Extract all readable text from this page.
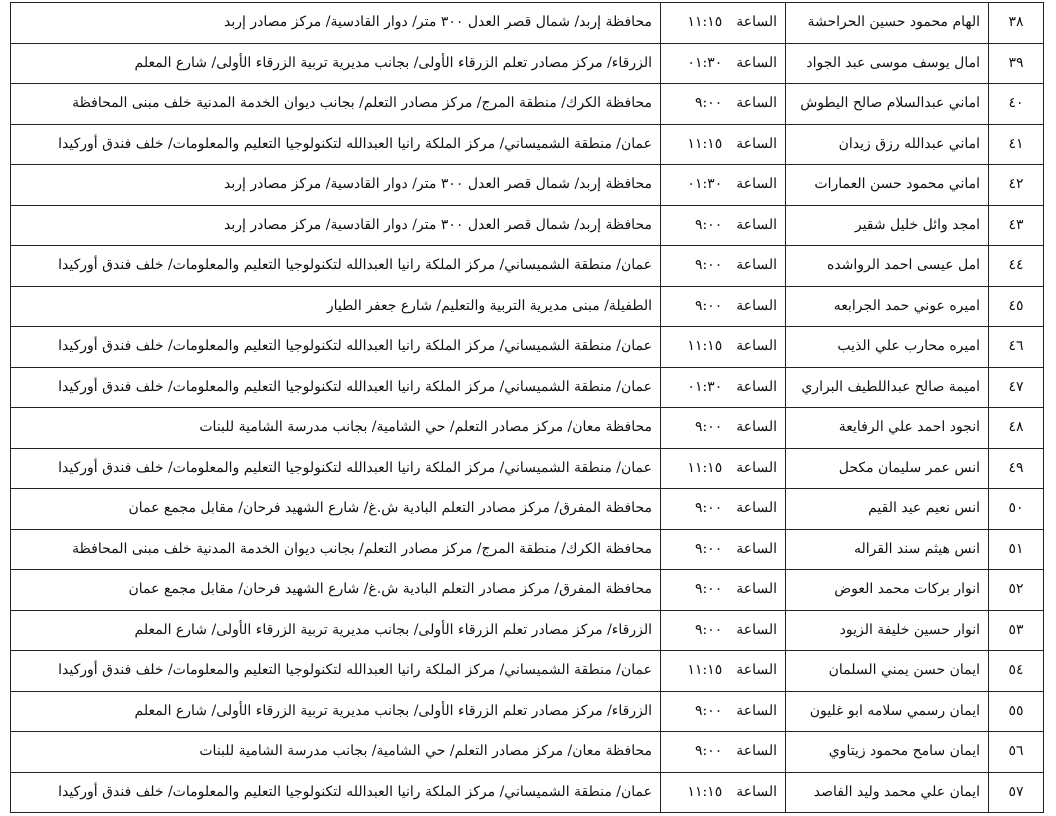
٣٨	الهام محمود حسين الحراحشة	الساعة١١:١٥	محافظة إربد/ شمال قصر العدل ٣٠٠ متر/ دوار القادسية/ مركز مصادر إربد
٣٩	امال يوسف موسى عبد الجواد	الساعة٠١:٣٠	الزرقاء/ مركز مصادر تعلم الزرقاء الأولى/ بجانب مديرية تربية الزرقاء الأولى/ شارع المعلم
٤٠	اماني عبدالسلام صالح اليطوش	الساعة٩:٠٠	محافظة الكرك/ منطقة المرج/ مركز مصادر التعلم/ بجانب ديوان الخدمة المدنية خلف مبنى المحافظة
٤١	اماني عبدالله رزق زيدان	الساعة١١:١٥	عمان/ منطقة الشميساني/ مركز الملكة رانيا العبدالله لتكنولوجيا التعليم والمعلومات/ خلف فندق أوركيدا
٤٢	اماني محمود حسن العمارات	الساعة٠١:٣٠	محافظة إربد/ شمال قصر العدل ٣٠٠ متر/ دوار القادسية/ مركز مصادر إربد
٤٣	امجد وائل خليل شقير	الساعة٩:٠٠	محافظة إربد/ شمال قصر العدل ٣٠٠ متر/ دوار القادسية/ مركز مصادر إربد
٤٤	امل عيسى احمد الرواشده	الساعة٩:٠٠	عمان/ منطقة الشميساني/ مركز الملكة رانيا العبدالله لتكنولوجيا التعليم والمعلومات/ خلف فندق أوركيدا
٤٥	اميره عوني حمد الجرابعه	الساعة٩:٠٠	الطفيلة/ مبنى مديرية التربية والتعليم/ شارع جعفر الطيار
٤٦	اميره محارب علي الذيب	الساعة١١:١٥	عمان/ منطقة الشميساني/ مركز الملكة رانيا العبدالله لتكنولوجيا التعليم والمعلومات/ خلف فندق أوركيدا
٤٧	اميمة صالح عبداللطيف البراري	الساعة٠١:٣٠	عمان/ منطقة الشميساني/ مركز الملكة رانيا العبدالله لتكنولوجيا التعليم والمعلومات/ خلف فندق أوركيدا
٤٨	انجود احمد علي الرفايعة	الساعة٩:٠٠	محافظة معان/ مركز مصادر التعلم/ حي الشامية/ بجانب مدرسة الشامية للبنات
٤٩	انس عمر سليمان مكحل	الساعة١١:١٥	عمان/ منطقة الشميساني/ مركز الملكة رانيا العبدالله لتكنولوجيا التعليم والمعلومات/ خلف فندق أوركيدا
٥٠	انس نعيم عيد القيم	الساعة٩:٠٠	محافظة المفرق/ مركز مصادر التعلم البادية ش.غ/ شارع الشهيد فرحان/ مقابل مجمع عمان
٥١	انس هيثم سند القراله	الساعة٩:٠٠	محافظة الكرك/ منطقة المرج/ مركز مصادر التعلم/ بجانب ديوان الخدمة المدنية خلف مبنى المحافظة
٥٢	انوار بركات محمد العوض	الساعة٩:٠٠	محافظة المفرق/ مركز مصادر التعلم البادية ش.غ/ شارع الشهيد فرحان/ مقابل مجمع عمان
٥٣	انوار حسين خليفة الزيود	الساعة٩:٠٠	الزرقاء/ مركز مصادر تعلم الزرقاء الأولى/ بجانب مديرية تربية الزرقاء الأولى/ شارع المعلم
٥٤	ايمان حسن يمني السلمان	الساعة١١:١٥	عمان/ منطقة الشميساني/ مركز الملكة رانيا العبدالله لتكنولوجيا التعليم والمعلومات/ خلف فندق أوركيدا
٥٥	ايمان رسمي سلامه ابو غليون	الساعة٩:٠٠	الزرقاء/ مركز مصادر تعلم الزرقاء الأولى/ بجانب مديرية تربية الزرقاء الأولى/ شارع المعلم
٥٦	ايمان سامح محمود زيتاوي	الساعة٩:٠٠	محافظة معان/ مركز مصادر التعلم/ حي الشامية/ بجانب مدرسة الشامية للبنات
٥٧	ايمان علي محمد وليد الفاصد	الساعة١١:١٥	عمان/ منطقة الشميساني/ مركز الملكة رانيا العبدالله لتكنولوجيا التعليم والمعلومات/ خلف فندق أوركيدا
